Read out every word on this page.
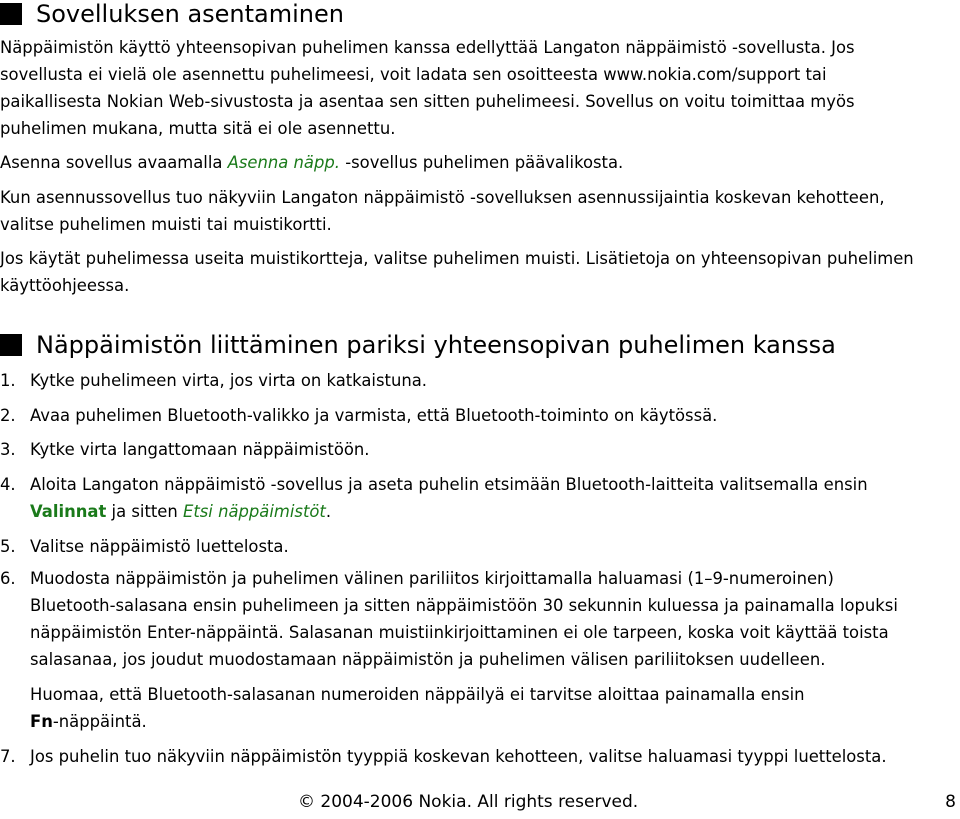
Sovelluksen asentaminen
Näppäimistön käyttö yhteensopivan puhelimen kanssa edellyttää Langaton näppäimistö -sovellusta. Jos
sovellusta ei vielä ole asennettu puhelimeesi, voit ladata sen osoitteesta www.nokia.com/support tai
paikallisesta Nokian Web-sivustosta ja asentaa sen sitten puhelimeesi. Sovellus on voitu toimittaa myös
puhelimen mukana, mutta sitä ei ole asennettu.
Asenna sovellus avaamalla Asenna näpp. -sovellus puhelimen päävalikosta.
Kun asennussovellus tuo näkyviin Langaton näppäimistö -sovelluksen asennussijaintia koskevan kehotteen,
valitse puhelimen muisti tai muistikortti.
Jos käytät puhelimessa useita muistikortteja, valitse puhelimen muisti. Lisätietoja on yhteensopivan puhelimen
käyttöohjeessa.
Näppäimistön liittäminen pariksi yhteensopivan puhelimen kanssa
1. Kytke puhelimeen virta, jos virta on katkaistuna.
2. Avaa puhelimen Bluetooth-valikko ja varmista, että Bluetooth-toiminto on käytössä.
3. Kytke virta langattomaan näppäimistöön.
4. Aloita Langaton näppäimistö -sovellus ja aseta puhelin etsimään Bluetooth-laitteita valitsemalla ensin
Valinnat ja sitten Etsi näppäimistöt.
5. Valitse näppäimistö luettelosta.
6. Muodosta näppäimistön ja puhelimen välinen pariliitos kirjoittamalla haluamasi (1–9-numeroinen)
Bluetooth-salasana ensin puhelimeen ja sitten näppäimistöön 30 sekunnin kuluessa ja painamalla lopuksi
näppäimistön Enter-näppäintä. Salasanan muistiinkirjoittaminen ei ole tarpeen, koska voit käyttää toista
salasanaa, jos joudut muodostamaan näppäimistön ja puhelimen välisen pariliitoksen uudelleen.
Huomaa, että Bluetooth-salasanan numeroiden näppäilyä ei tarvitse aloittaa painamalla ensin
Fn-näppäintä.
7. Jos puhelin tuo näkyviin näppäimistön tyyppiä koskevan kehotteen, valitse haluamasi tyyppi luettelosta.
© 2004-2006 Nokia. All rights reserved.	8
